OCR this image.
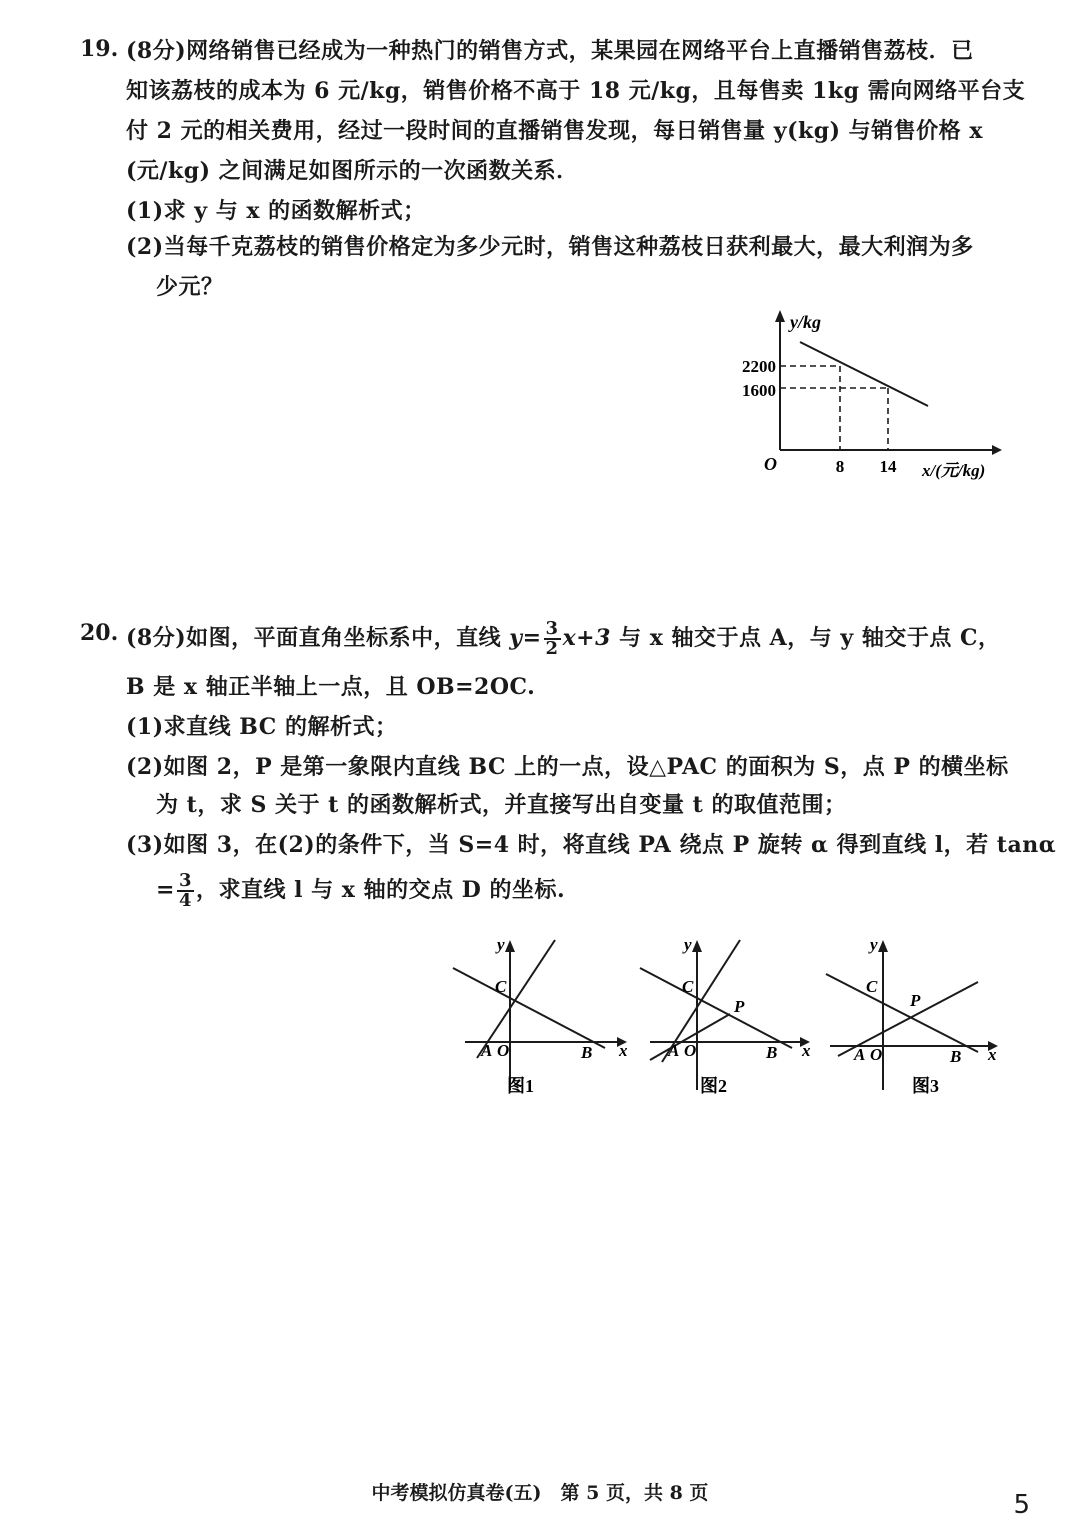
19. (8分)网络销售已经成为一种热门的销售方式，某果园在网络平台上直播销售荔枝．已
知该荔枝的成本为 6 元/kg，销售价格不高于 18 元/kg，且每售卖 1kg 需向网络平台支
付 2 元的相关费用，经过一段时间的直播销售发现，每日销售量 y(kg) 与销售价格 x
(元/kg) 之间满足如图所示的一次函数关系．
(1)求 y 与 x 的函数解析式；
(2)当每千克荔枝的销售价格定为多少元时，销售这种荔枝日获利最大，最大利润为多
少元？
y/kg
2200
1600
O	8 14 x/(元/kg)
20. (8分)如图，平面直角坐标系中，直线 $y= \frac{3}{2} x+3$ 与 x 轴交于点 A，与 y 轴交于点 C，
B 是 x 轴正半轴上一点，且 OB=2OC.
(1)求直线 BC 的解析式；
(2)如图 2，P 是第一象限内直线 BC 上的一点，设△PAC 的面积为 S，点 P 的横坐标
为 t，求 S 关于 t 的函数解析式，并直接写出自变量 t 的取值范围；
(3)如图 3，在(2)的条件下，当 S=4 时，将直线 PA 绕点 P 旋转 α 得到直线 l，若 tanα
= $\frac{3}{4}$ ，求直线 l 与 x 轴的交点 D 的坐标.
y
C
A O	B x
图1
y
C
P
A O	B x
图2
y
C
P
A O	B x
图3
中考模拟仿真卷(五)　第 5 页，共 8 页	5
